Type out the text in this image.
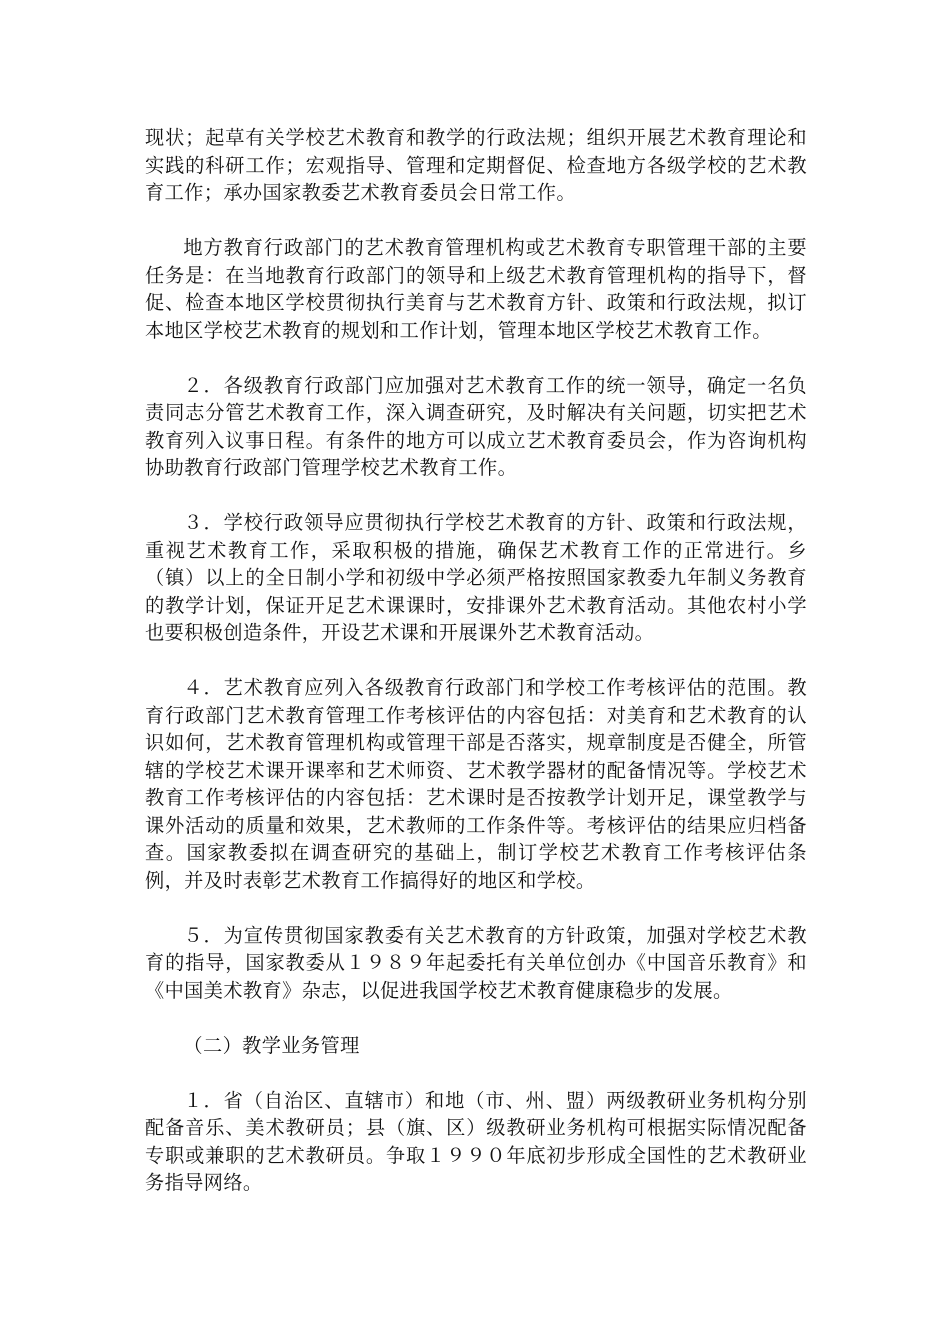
现状；起草有关学校艺术教育和教学的行政法规；组织开展艺术教育理论和实践的科研工作；宏观指导、管理和定期督促、检查地方各级学校的艺术教育工作；承办国家教委艺术教育委员会日常工作。

地方教育行政部门的艺术教育管理机构或艺术教育专职管理干部的主要任务是：在当地教育行政部门的领导和上级艺术教育管理机构的指导下，督促、检查本地区学校贯彻执行美育与艺术教育方针、政策和行政法规，拟订本地区学校艺术教育的规划和工作计划，管理本地区学校艺术教育工作。

２．各级教育行政部门应加强对艺术教育工作的统一领导，确定一名负责同志分管艺术教育工作，深入调查研究，及时解决有关问题，切实把艺术教育列入议事日程。有条件的地方可以成立艺术教育委员会，作为咨询机构协助教育行政部门管理学校艺术教育工作。

３．学校行政领导应贯彻执行学校艺术教育的方针、政策和行政法规，重视艺术教育工作，采取积极的措施，确保艺术教育工作的正常进行。乡（镇）以上的全日制小学和初级中学必须严格按照国家教委九年制义务教育的教学计划，保证开足艺术课课时，安排课外艺术教育活动。其他农村小学也要积极创造条件，开设艺术课和开展课外艺术教育活动。

４．艺术教育应列入各级教育行政部门和学校工作考核评估的范围。教育行政部门艺术教育管理工作考核评估的内容包括：对美育和艺术教育的认识如何，艺术教育管理机构或管理干部是否落实，规章制度是否健全，所管辖的学校艺术课开课率和艺术师资、艺术教学器材的配备情况等。学校艺术教育工作考核评估的内容包括：艺术课时是否按教学计划开足，课堂教学与课外活动的质量和效果，艺术教师的工作条件等。考核评估的结果应归档备查。国家教委拟在调查研究的基础上，制订学校艺术教育工作考核评估条例，并及时表彰艺术教育工作搞得好的地区和学校。

５．为宣传贯彻国家教委有关艺术教育的方针政策，加强对学校艺术教育的指导，国家教委从１９８９年起委托有关单位创办《中国音乐教育》和《中国美术教育》杂志，以促进我国学校艺术教育健康稳步的发展。

（二）教学业务管理

１．省（自治区、直辖市）和地（市、州、盟）两级教研业务机构分别配备音乐、美术教研员；县（旗、区）级教研业务机构可根据实际情况配备专职或兼职的艺术教研员。争取１９９０年底初步形成全国性的艺术教研业务指导网络。
